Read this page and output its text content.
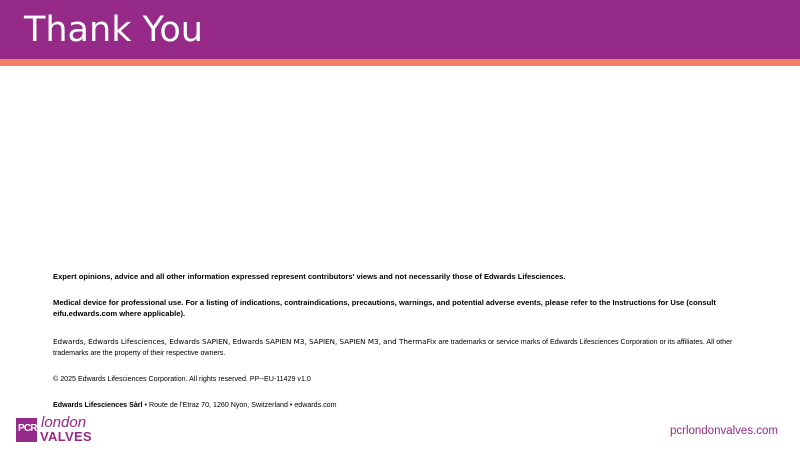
Thank You

Expert opinions, advice and all other information expressed represent contributors' views and not necessarily those of Edwards Lifesciences.

Medical device for professional use. For a listing of indications, contraindications, precautions, warnings, and potential adverse events, please refer to the Instructions for Use (consult eifu.edwards.com where applicable).

Edwards, Edwards Lifesciences, Edwards SAPIEN, Edwards SAPIEN M3, SAPIEN, SAPIEN M3, and ThermaFix are trademarks or service marks of Edwards Lifesciences Corporation or its affiliates. All other trademarks are the property of their respective owners.

© 2025 Edwards Lifesciences Corporation. All rights reserved. PP--EU-11429 v1.0

Edwards Lifesciences Sàrl • Route de l'Etraz 70, 1260 Nyon, Switzerland • edwards.com

PCR london
VALVES	pcrlondonvalves.com
